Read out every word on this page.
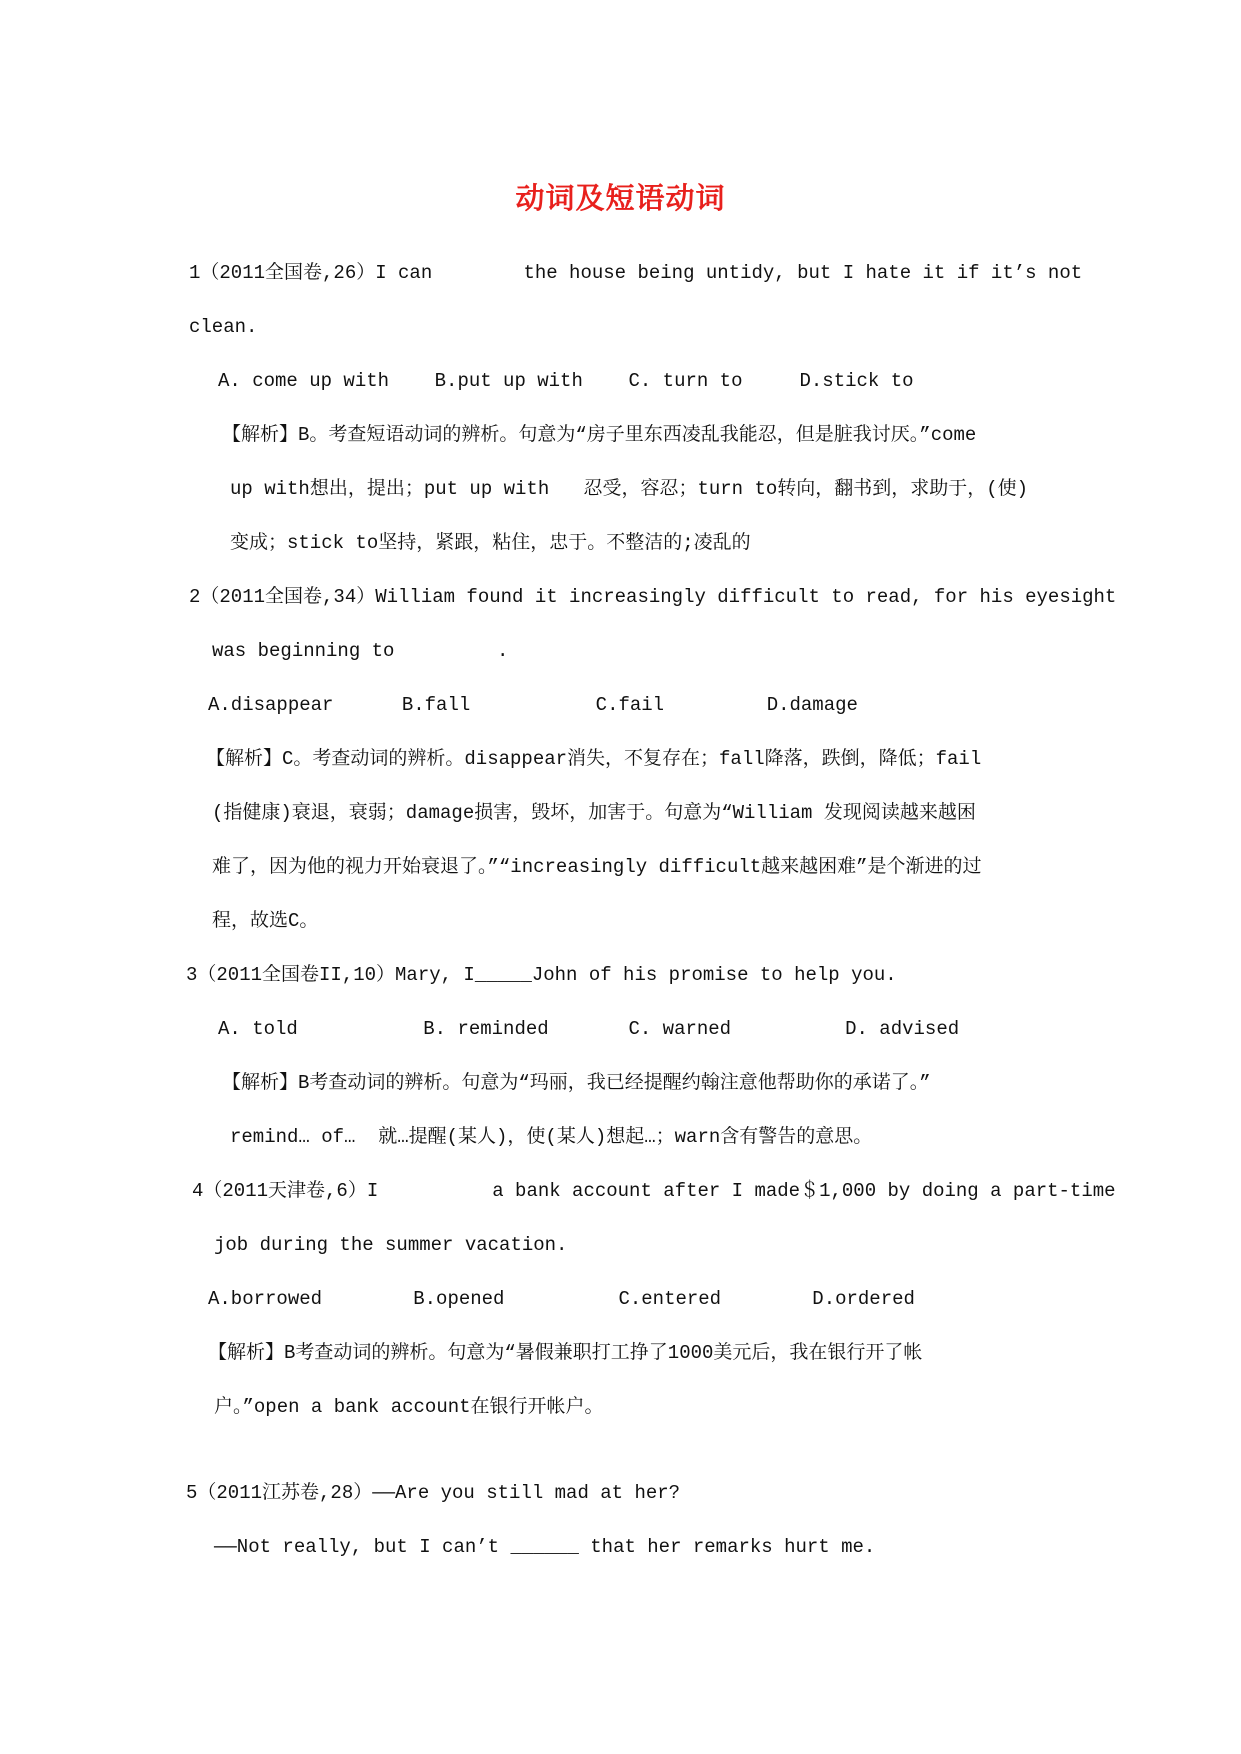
动词及短语动词
1（2011全国卷,26）I can        the house being untidy, but I hate it if it’s not
clean.
A. come up with    B.put up with    C. turn to     D.stick to
【解析】B。考查短语动词的辨析。句意为“房子里东西凌乱我能忍，但是脏我讨厌。”come
up with想出，提出；put up with   忍受，容忍；turn to转向，翻书到，求助于，(使)
变成；stick to坚持，紧跟，粘住，忠于。不整洁的;凌乱的
2（2011全国卷,34）William found it increasingly difficult to read, for his eyesight
was beginning to         .
A.disappear      B.fall           C.fail         D.damage
【解析】C。考查动词的辨析。disappear消失，不复存在；fall降落，跌倒，降低；fail
(指健康)衰退，衰弱；damage损害，毁坏，加害于。句意为“William 发现阅读越来越困
难了，因为他的视力开始衰退了。”“increasingly difficult越来越困难”是个渐进的过
程，故选C。
3（2011全国卷II,10）Mary, I_____John of his promise to help you.
A. told           B. reminded       C. warned          D. advised
【解析】B考查动词的辨析。句意为“玛丽，我已经提醒约翰注意他帮助你的承诺了。”
remind… of…  就…提醒(某人)，使(某人)想起…；warn含有警告的意思。
4（2011天津卷,6）I          a bank account after I made＄1,000 by doing a part-time
job during the summer vacation.
A.borrowed        B.opened          C.entered        D.ordered
【解析】B考查动词的辨析。句意为“暑假兼职打工挣了1000美元后，我在银行开了帐
户。”open a bank account在银行开帐户。
5（2011江苏卷,28）——Are you still mad at her?
——Not really, but I can’t ______ that her remarks hurt me.
